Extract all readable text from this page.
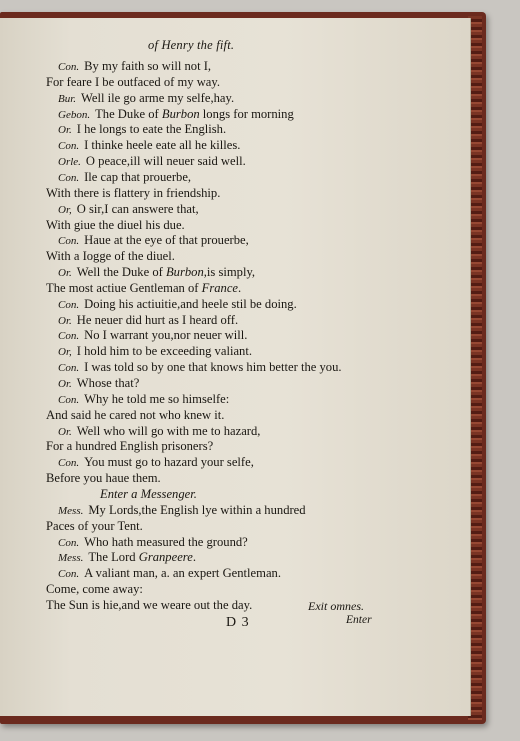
of Henry the fift.
Con. By my faith so will not I,
For feare I be outfaced of my way.
Bur. Well ile go arme my selfe,hay.
Gebon. The Duke of Burbon longs for morning
Or. I he longs to eate the English.
Con. I thinke heele eate all he killes.
Orle. O peace,ill will neuer said well.
Con. Ile cap that prouerbe,
With there is flattery in friendship.
Or, O sir,I can answere that,
With giue the diuel his due.
Con. Haue at the eye of that prouerbe,
With a Iogge of the diuel.
Or. Well the Duke of Burbon,is simply,
The most actiue Gentleman of France.
Con. Doing his actiuitie,and heele stil be doing.
Or. He neuer did hurt as I heard off.
Con. No I warrant you,nor neuer will.
Or, I hold him to be exceeding valiant.
Con. I was told so by one that knows him better the you.
Or. Whose that?
Con. Why he told me so himselfe:
And said he cared not who knew it.
Or. Well who will go with me to hazard,
For a hundred English prisoners?
Con. You must go to hazard your selfe,
Before you haue them.
Enter a Messenger.
Mess. My Lords,the English lye within a hundred
Paces of your Tent.
Con. Who hath measured the ground?
Mess. The Lord Granpeere.
Con. A valiant man, a. an expert Gentleman.
Come, come away:
The Sun is hie,and we weare out the day.	Exit omnes.
D 3	Enter
